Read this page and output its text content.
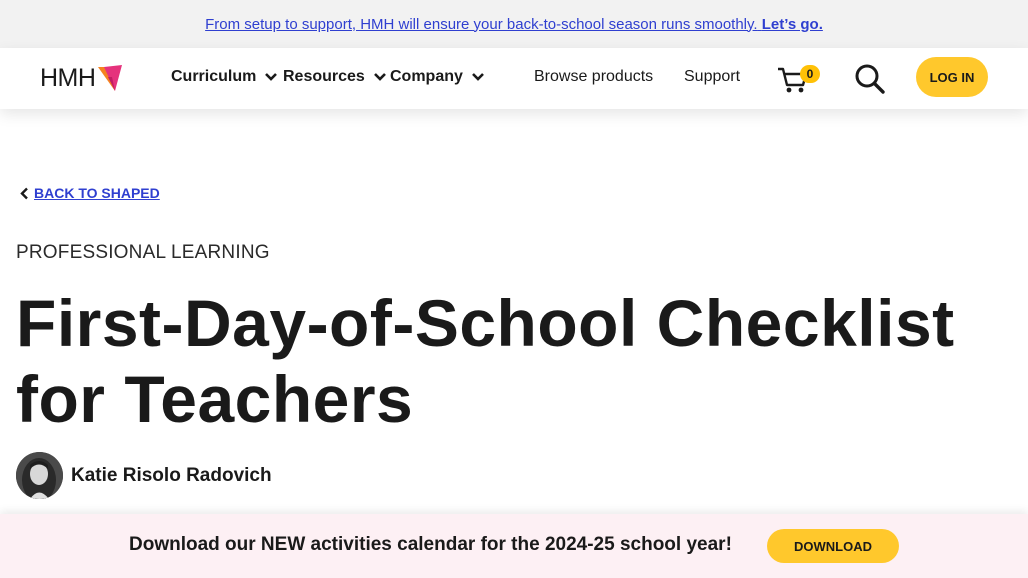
From setup to support, HMH will ensure your back-to-school season runs smoothly. Let’s go.
HMH	Curriculum Resources Company	Browse products Support	0	LOG IN
BACK TO SHAPED
PROFESSIONAL LEARNING
First-Day-of-School Checklist for Teachers
Katie Risolo Radovich
Download our NEW activities calendar for the 2024-25 school year!	DOWNLOAD
